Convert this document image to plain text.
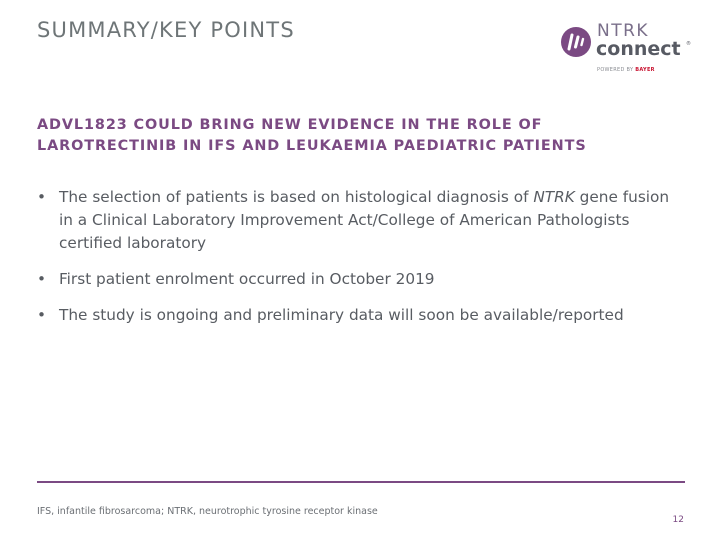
SUMMARY/KEY POINTS	NTRK
connect ®
POWERED BY BAYER
ADVL1823 COULD BRING NEW EVIDENCE IN THE ROLE OF LAROTRECTINIB IN IFS AND LEUKAEMIA PAEDIATRIC PATIENTS
• The selection of patients is based on histological diagnosis of NTRK gene fusion in a Clinical Laboratory Improvement Act/College of American Pathologists certified laboratory
• First patient enrolment occurred in October 2019
• The study is ongoing and preliminary data will soon be available/reported
IFS, infantile fibrosarcoma; NTRK, neurotrophic tyrosine receptor kinase
12
